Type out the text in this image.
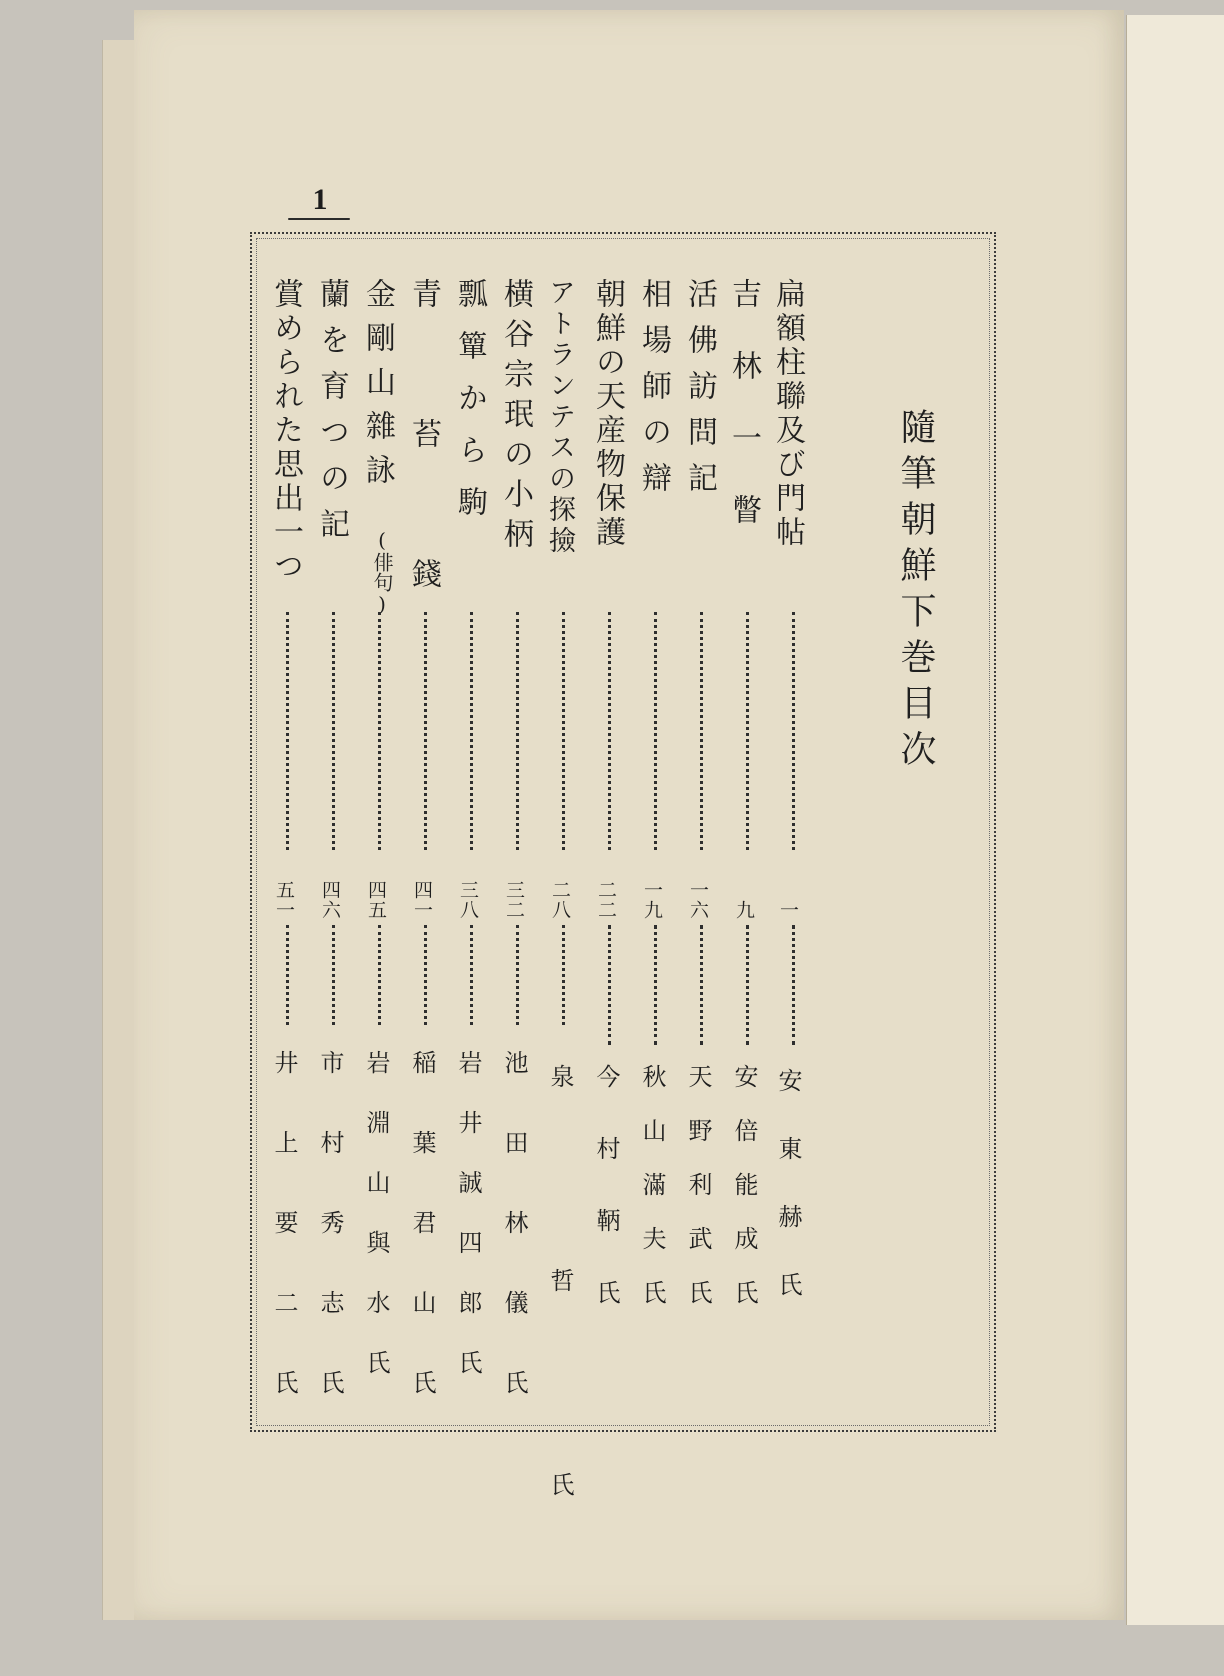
1
隨筆朝鮮下巻目次
扁額柱聯及び門帖
一
安東赫氏
吉林一瞥
九
安倍能成氏
活佛訪問記
一六
天野利武氏
相場師の辯
一九
秋山滿夫氏
朝鮮の天産物保護
二二
今村鞆氏
アトランテスの探撿
二八
泉哲氏
横谷宗珉の小柄
三二
池田林儀氏
瓢簞から駒
三八
岩井誠四郎氏
青苔錢
四一
稲葉君山氏
金剛山雜詠
(俳句)
四五
岩淵山與水氏
蘭を育つの記
四六
市村秀志氏
賞められた思出一つ
五一
井上要二氏
